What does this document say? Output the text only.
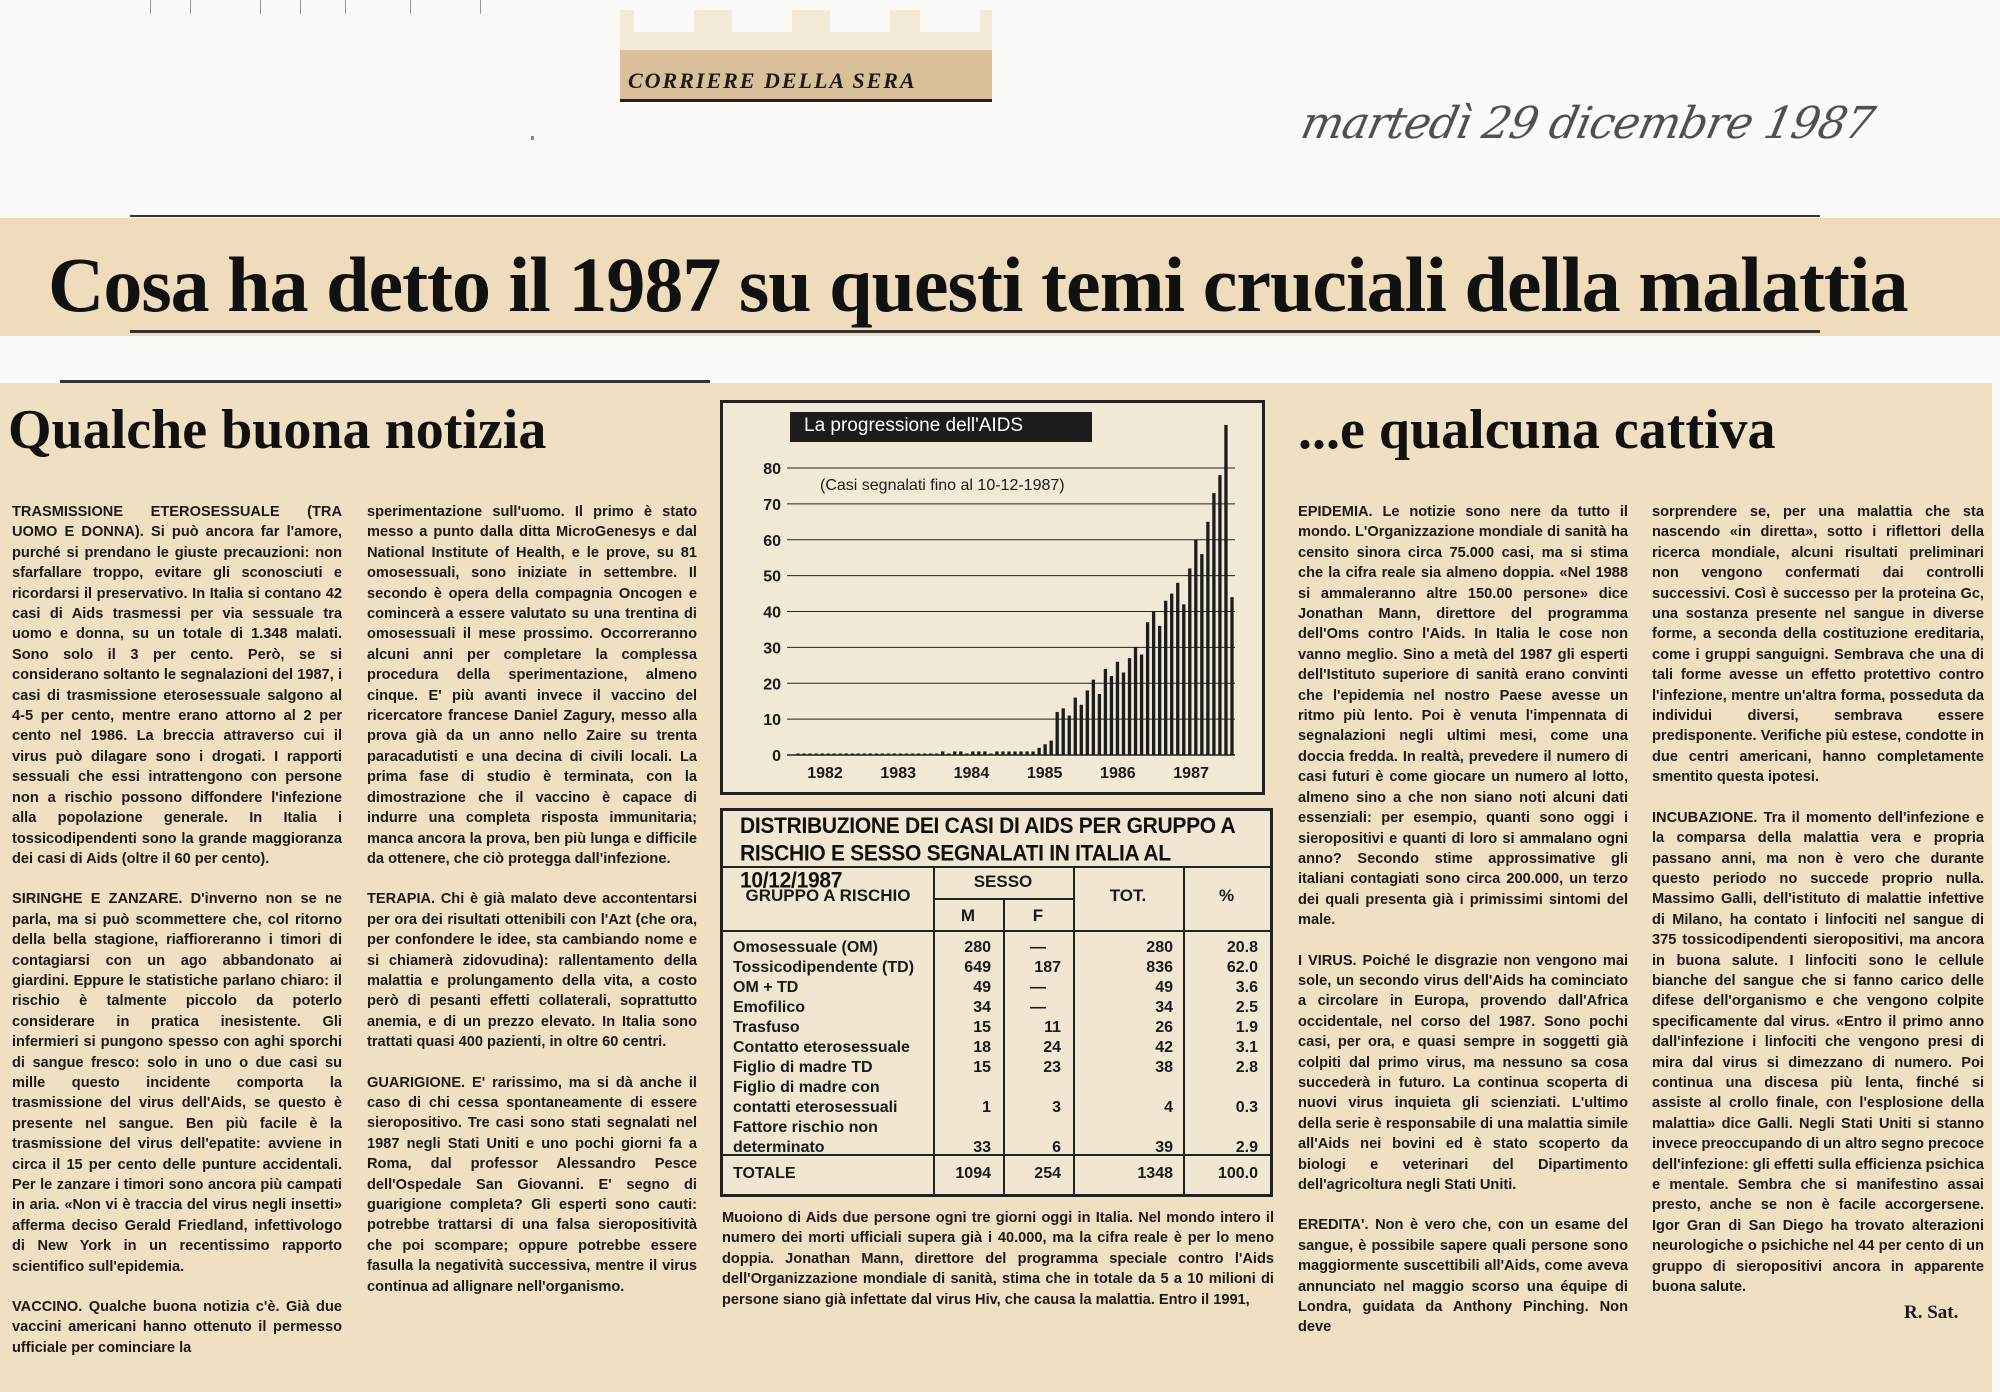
CORRIERE DELLA SERA
martedì 29 dicembre 1987
Cosa ha detto il 1987 su questi temi cruciali della malattia
Qualche buona notizia	...e qualcuna cattiva

TRASMISSIONE ETEROSESSUALE (TRA UOMO E DONNA). Si può ancora far l'amore, purché si prendano le giuste precauzioni: non sfarfallare troppo, evitare gli sconosciuti e ricordarsi il preservativo. In Italia si contano 42 casi di Aids trasmessi per via sessuale tra uomo e donna, su un totale di 1.348 malati. Sono solo il 3 per cento. Però, se si considerano soltanto le segnalazioni del 1987, i casi di trasmissione eterosessuale salgono al 4-5 per cento, mentre erano attorno al 2 per cento nel 1986. La breccia attraverso cui il virus può dilagare sono i drogati. I rapporti sessuali che essi intrattengono con persone non a rischio possono diffondere l'infezione alla popolazione generale. In Italia i tossicodipendenti sono la grande maggioranza dei casi di Aids (oltre il 60 per cento).

SIRINGHE E ZANZARE. D'inverno non se ne parla, ma si può scommettere che, col ritorno della bella stagione, riaffioreranno i timori di contagiarsi con un ago abbandonato ai giardini. Eppure le statistiche parlano chiaro: il rischio è talmente piccolo da poterlo considerare in pratica inesistente. Gli infermieri si pungono spesso con aghi sporchi di sangue fresco: solo in uno o due casi su mille questo incidente comporta la trasmissione del virus dell'Aids, se questo è presente nel sangue. Ben più facile è la trasmissione del virus dell'epatite: avviene in circa il 15 per cento delle punture accidentali. Per le zanzare i timori sono ancora più campati in aria. «Non vi è traccia del virus negli insetti» afferma deciso Gerald Friedland, infettivologo di New York in un recentissimo rapporto scientifico sull'epidemia.

VACCINO. Qualche buona notizia c'è. Già due vaccini americani hanno ottenuto il permesso ufficiale per cominciare la

sperimentazione sull'uomo. Il primo è stato messo a punto dalla ditta MicroGenesys e dal National Institute of Health, e le prove, su 81 omosessuali, sono iniziate in settembre. Il secondo è opera della compagnia Oncogen e comincerà a essere valutato su una trentina di omosessuali il mese prossimo. Occorreranno alcuni anni per completare la complessa procedura della sperimentazione, almeno cinque. E' più avanti invece il vaccino del ricercatore francese Daniel Zagury, messo alla prova già da un anno nello Zaire su trenta paracadutisti e una decina di civili locali. La prima fase di studio è terminata, con la dimostrazione che il vaccino è capace di indurre una completa risposta immunitaria; manca ancora la prova, ben più lunga e difficile da ottenere, che ciò protegga dall'infezione.

TERAPIA. Chi è già malato deve accontentarsi per ora dei risultati ottenibili con l'Azt (che ora, per confondere le idee, sta cambiando nome e si chiamerà zidovudina): rallentamento della malattia e prolungamento della vita, a costo però di pesanti effetti collaterali, soprattutto anemia, e di un prezzo elevato. In Italia sono trattati quasi 400 pazienti, in oltre 60 centri.

GUARIGIONE. E' rarissimo, ma si dà anche il caso di chi cessa spontaneamente di essere sieropositivo. Tre casi sono stati segnalati nel 1987 negli Stati Uniti e uno pochi giorni fa a Roma, dal professor Alessandro Pesce dell'Ospedale San Giovanni. E' segno di guarigione completa? Gli esperti sono cauti: potrebbe trattarsi di una falsa sieropositività che poi scompare; oppure potrebbe essere fasulla la negatività successiva, mentre il virus continua ad allignare nell'organismo.

0
10
20
30
40
50
60
70
80
(Casi segnalati fino al 10-12-1987)
1982 1983 1984 1985 1986 1987
La progressione dell'AIDS
DISTRIBUZIONE DEI CASI DI AIDS PER GRUPPO A RISCHIO E SESSO SEGNALATI IN ITALIA AL 10/12/1987
GRUPPO A RISCHIO
SESSO
M	F
TOT.	%
TOTALE	1094	254	1348	100.0
Omosessuale (OM)	280	—	280	20.8
Tossicodipendente (TD)	649	187	836	62.0
OM + TD	49	—	49	3.6
Emofilico	34	—	34	2.5
Trasfuso	15	11	26	1.9
Contatto eterosessuale	18	24	42	3.1
Figlio di madre TD	15	23	38	2.8
Figlio di madre con
contatti eterosessuali	1	3	4	0.3
Fattore rischio non
determinato	33	6	39	2.9

Muoiono di Aids due persone ogni tre giorni oggi in Italia. Nel mondo intero il numero dei morti ufficiali supera già i 40.000, ma la cifra reale è per lo meno doppia. Jonathan Mann, direttore del programma speciale contro l'Aids dell'Organizzazione mondiale di sanità, stima che in totale da 5 a 10 milioni di persone siano già infettate dal virus Hiv, che causa la malattia. Entro il 1991,

EPIDEMIA. Le notizie sono nere da tutto il mondo. L'Organizzazione mondiale di sanità ha censito sinora circa 75.000 casi, ma si stima che la cifra reale sia almeno doppia. «Nel 1988 si ammaleranno altre 150.00 persone» dice Jonathan Mann, direttore del programma dell'Oms contro l'Aids. In Italia le cose non vanno meglio. Sino a metà del 1987 gli esperti dell'Istituto superiore di sanità erano convinti che l'epidemia nel nostro Paese avesse un ritmo più lento. Poi è venuta l'impennata di segnalazioni negli ultimi mesi, come una doccia fredda. In realtà, prevedere il numero di casi futuri è come giocare un numero al lotto, almeno sino a che non siano noti alcuni dati essenziali: per esempio, quanti sono oggi i sieropositivi e quanti di loro si ammalano ogni anno? Secondo stime approssimative gli italiani contagiati sono circa 200.000, un terzo dei quali presenta già i primissimi sintomi del male.

I VIRUS. Poiché le disgrazie non vengono mai sole, un secondo virus dell'Aids ha cominciato a circolare in Europa, provendo dall'Africa occidentale, nel corso del 1987. Sono pochi casi, per ora, e quasi sempre in soggetti già colpiti dal primo virus, ma nessuno sa cosa succederà in futuro. La continua scoperta di nuovi virus inquieta gli scienziati. L'ultimo della serie è responsabile di una malattia simile all'Aids nei bovini ed è stato scoperto da biologi e veterinari del Dipartimento dell'agricoltura negli Stati Uniti.

EREDITA'. Non è vero che, con un esame del sangue, è possibile sapere quali persone sono maggiormente suscettibili all'Aids, come aveva annunciato nel maggio scorso una équipe di Londra, guidata da Anthony Pinching. Non deve

sorprendere se, per una malattia che sta nascendo «in diretta», sotto i riflettori della ricerca mondiale, alcuni risultati preliminari non vengono confermati dai controlli successivi. Così è successo per la proteina Gc, una sostanza presente nel sangue in diverse forme, a seconda della costituzione ereditaria, come i gruppi sanguigni. Sembrava che una di tali forme avesse un effetto protettivo contro l'infezione, mentre un'altra forma, posseduta da individui diversi, sembrava essere predisponente. Verifiche più estese, condotte in due centri americani, hanno completamente smentito questa ipotesi.

INCUBAZIONE. Tra il momento dell'infezione e la comparsa della malattia vera e propria passano anni, ma non è vero che durante questo periodo no succede proprio nulla. Massimo Galli, dell'istituto di malattie infettive di Milano, ha contato i linfociti nel sangue di 375 tossicodipendenti sieropositivi, ma ancora in buona salute. I linfociti sono le cellule bianche del sangue che si fanno carico delle difese dell'organismo e che vengono colpite specificamente dal virus. «Entro il primo anno dall'infezione i linfociti che vengono presi di mira dal virus si dimezzano di numero. Poi continua una discesa più lenta, finché si assiste al crollo finale, con l'esplosione della malattia» dice Galli. Negli Stati Uniti si stanno invece preoccupando di un altro segno precoce dell'infezione: gli effetti sulla efficienza psichica e mentale. Sembra che si manifestino assai presto, anche se non è facile accorgersene. Igor Gran di San Diego ha trovato alterazioni neurologiche o psichiche nel 44 per cento di un gruppo di sieropositivi ancora in apparente buona salute.

R. Sat.
